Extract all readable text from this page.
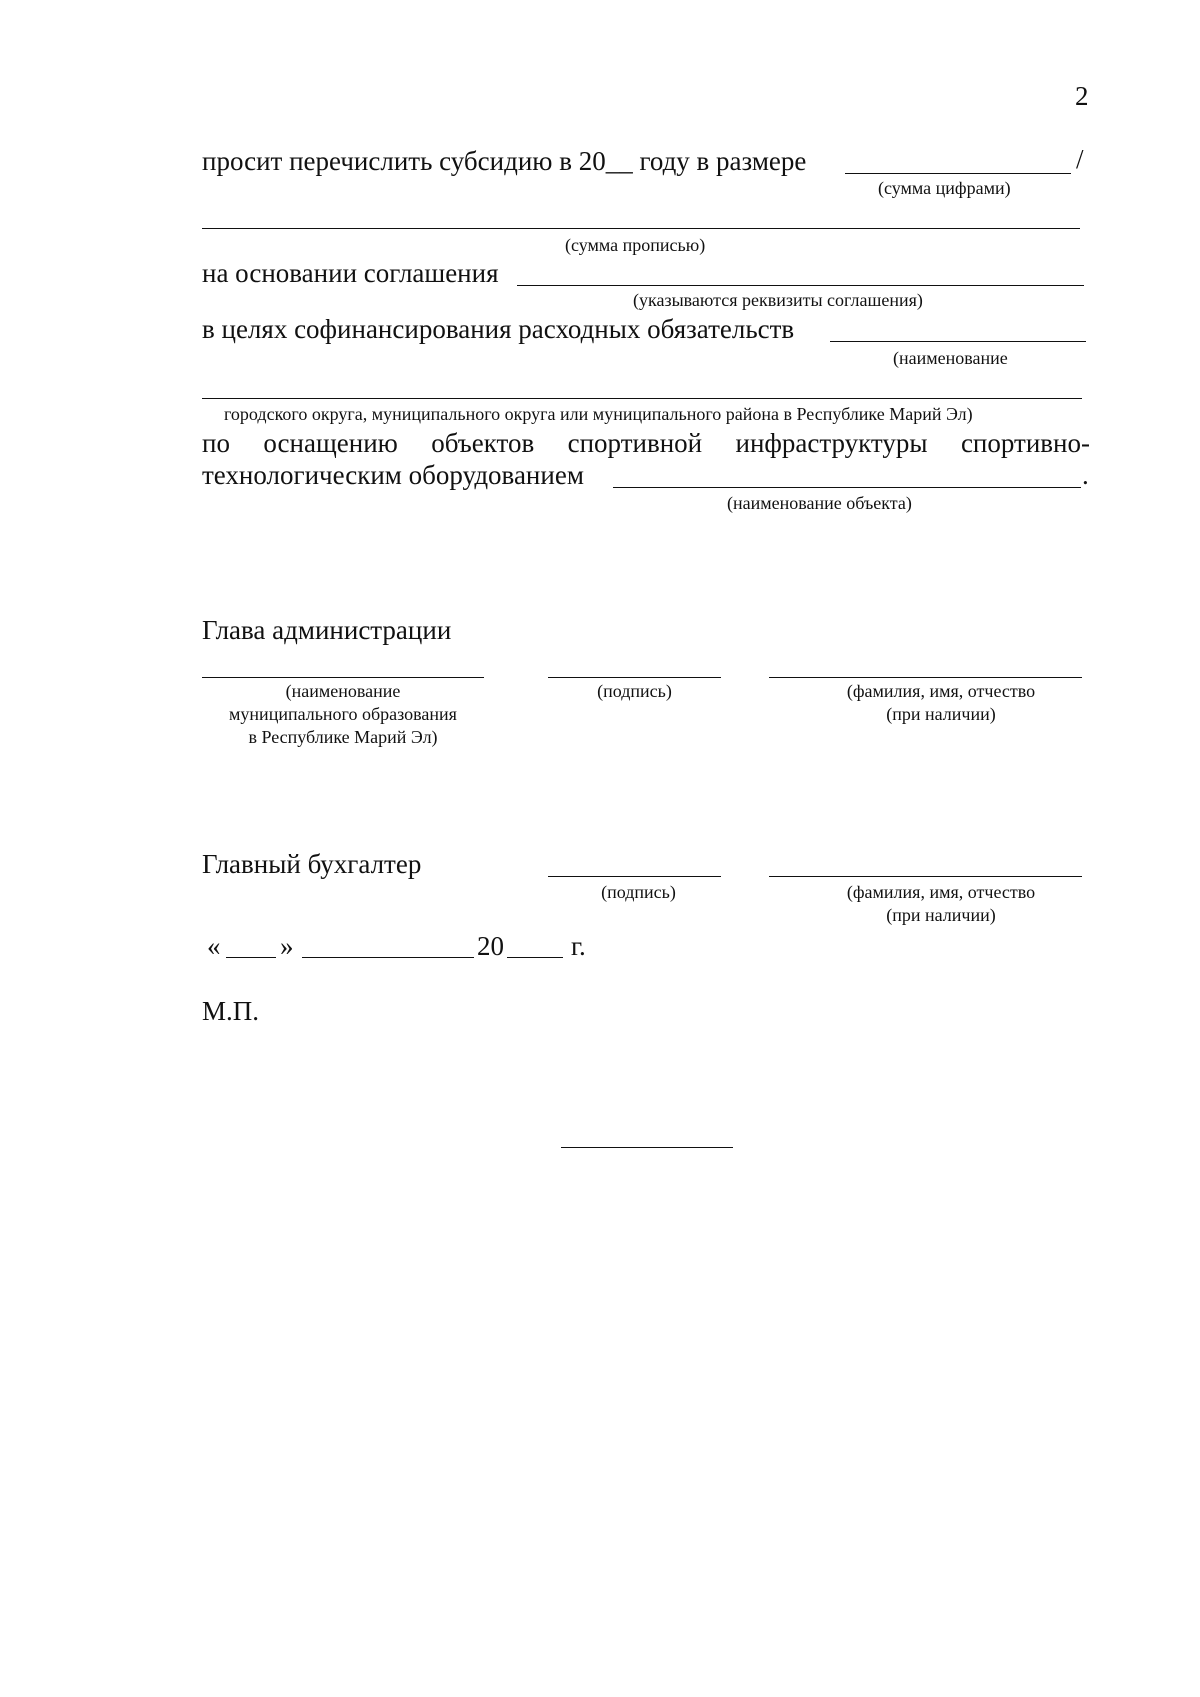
2
просит перечислить субсидию в 20__ году в размере	/
(сумма цифрами)
(сумма прописью)
на основании соглашения
(указываются реквизиты соглашения)
в целях софинансирования расходных обязательств
(наименование
городского округа, муниципального округа или муниципального района в Республике Марий Эл)
по оснащению объектов спортивной инфраструктуры спортивно-
технологическим оборудованием	.
(наименование объекта)
Глава администрации
(наименование
муниципального образования
в Республике Марий Эл)
(подпись)	(фамилия, имя, отчество
(при наличии)
Главный бухгалтер
(подпись)	(фамилия, имя, отчество
(при наличии)
« »	20 г.
М.П.
